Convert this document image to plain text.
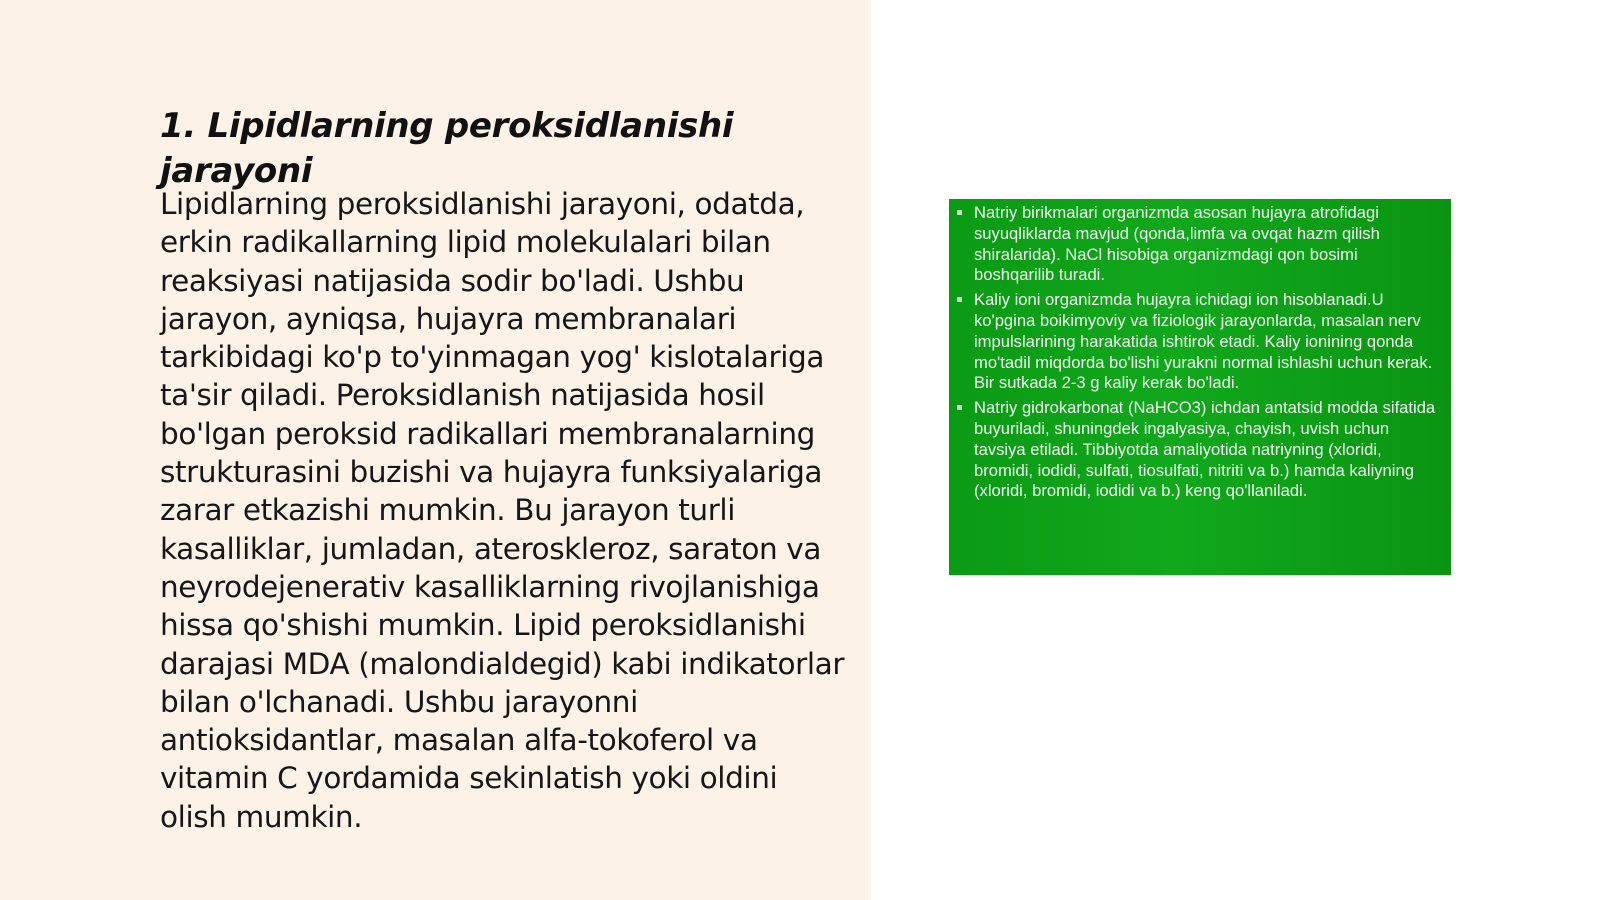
1. Lipidlarning peroksidlanishi jarayoni

Lipidlarning peroksidlanishi jarayoni, odatda, erkin radikallarning lipid molekulalari bilan reaksiyasi natijasida sodir bo'ladi. Ushbu jarayon, ayniqsa, hujayra membranalari tarkibidagi ko'p to'yinmagan yog' kislotalariga ta'sir qiladi. Peroksidlanish natijasida hosil bo'lgan peroksid radikallari membranalarning strukturasini buzishi va hujayra funksiyalariga zarar etkazishi mumkin. Bu jarayon turli kasalliklar, jumladan, ateroskleroz, saraton va neyrodejenerativ kasalliklarning rivojlanishiga hissa qo'shishi mumkin. Lipid peroksidlanishi darajasi MDA (malondialdegid) kabi indikatorlar bilan o'lchanadi. Ushbu jarayonni antioksidantlar, masalan alfa-tokoferol va vitamin C yordamida sekinlatish yoki oldini olish mumkin.

Natriy birikmalari organizmda asosan hujayra atrofidagi suyuqliklarda mavjud (qonda,limfa va ovqat hazm qilish shiralarida). NaCl hisobiga organizmdagi qon bosimi boshqarilib turadi.
Kaliy ioni organizmda hujayra ichidagi ion hisoblanadi.U ko'pgina boikimyoviy va fiziologik jarayonlarda, masalan nerv impulslarining harakatida ishtirok etadi. Kaliy ionining qonda mo'tadil miqdorda bo'lishi yurakni normal ishlashi uchun kerak. Bir sutkada 2-3 g kaliy kerak bo'ladi.
Natriy gidrokarbonat (NaHCO3) ichdan antatsid modda sifatida buyuriladi, shuningdek ingalyasiya, chayish, uvish uchun tavsiya etiladi. Tibbiyotda amaliyotida natriyning (xloridi, bromidi, iodidi, sulfati, tiosulfati, nitriti va b.) hamda kaliyning (xloridi, bromidi, iodidi va b.) keng qo'llaniladi.
